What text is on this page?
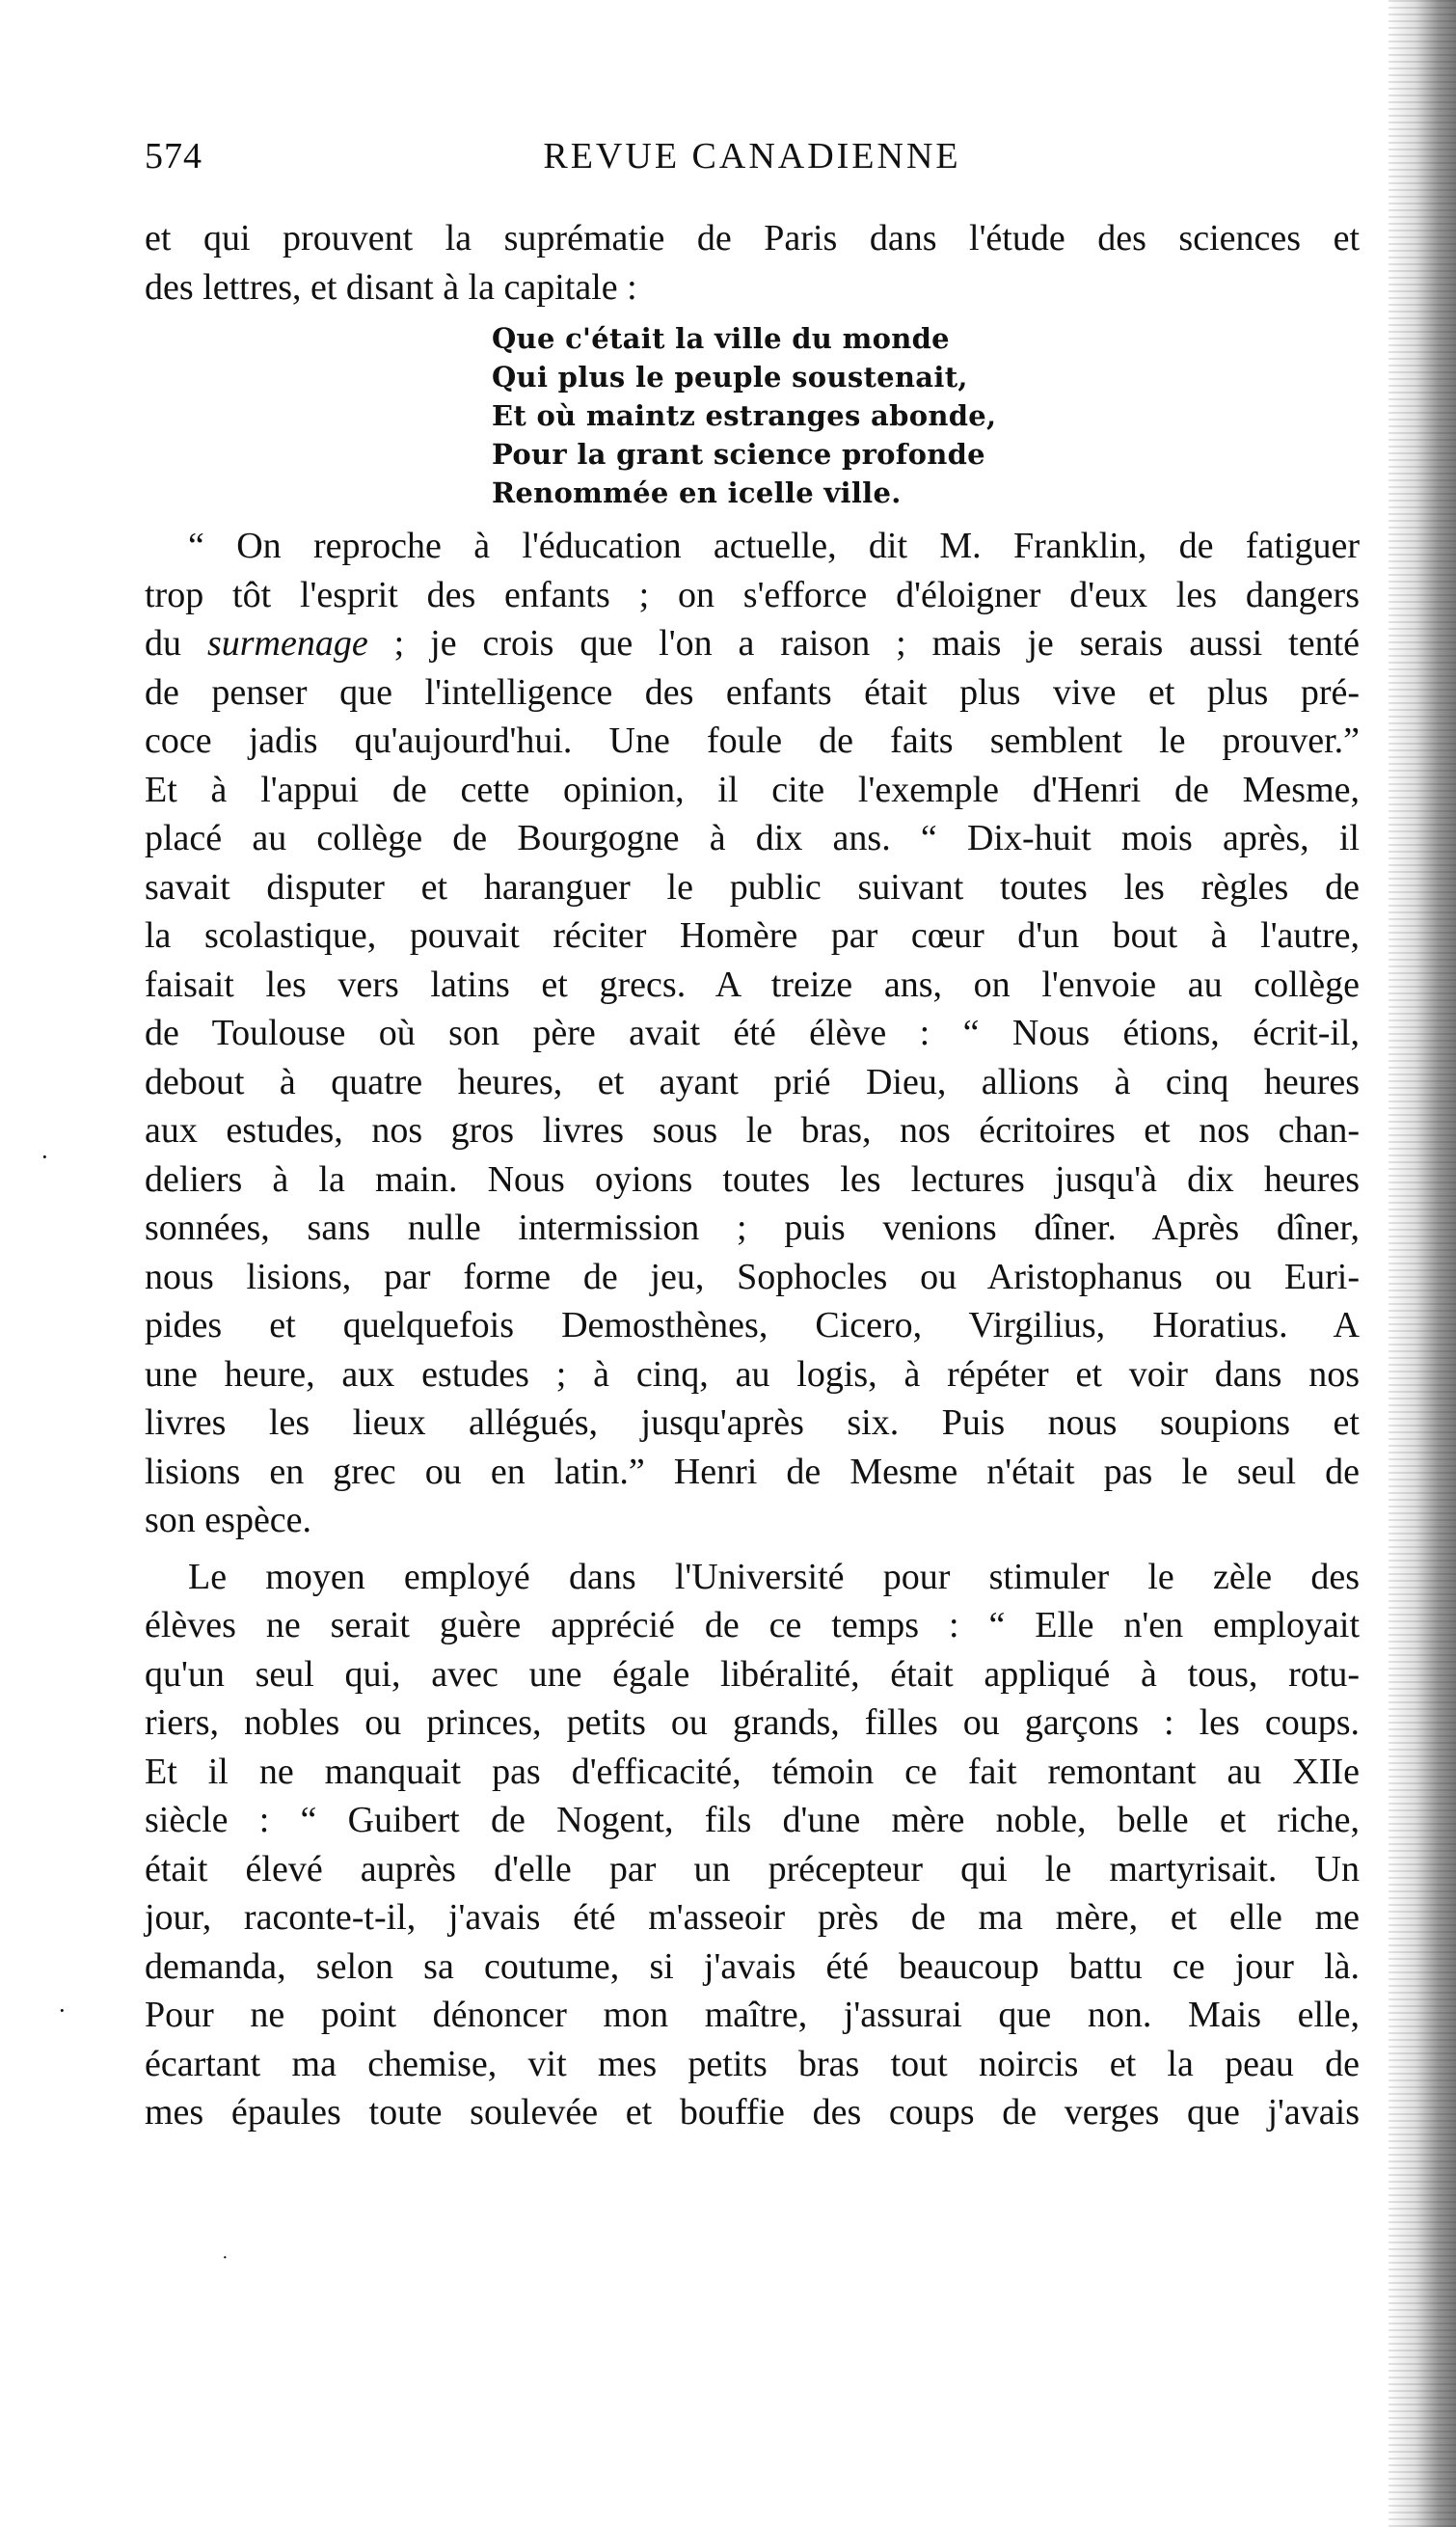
574	REVUE CANADIENNE
et qui prouvent la suprématie de Paris dans l'étude des sciences et
des lettres, et disant à la capitale :
Que c'était la ville du monde
Qui plus le peuple soustenait,
Et où maintz estranges abonde,
Pour la grant science profonde
Renommée en icelle ville.
“ On reproche à l'éducation actuelle, dit M. Franklin, de fatiguer
trop tôt l'esprit des enfants ; on s'efforce d'éloigner d'eux les dangers
du surmenage ; je crois que l'on a raison ; mais je serais aussi tenté
de penser que l'intelligence des enfants était plus vive et plus pré-
coce jadis qu'aujourd'hui. Une foule de faits semblent le prouver.”
Et à l'appui de cette opinion, il cite l'exemple d'Henri de Mesme,
placé au collège de Bourgogne à dix ans. “ Dix-huit mois après, il
savait disputer et haranguer le public suivant toutes les règles de
la scolastique, pouvait réciter Homère par cœur d'un bout à l'autre,
faisait les vers latins et grecs. A treize ans, on l'envoie au collège
de Toulouse où son père avait été élève : “ Nous étions, écrit-il,
debout à quatre heures, et ayant prié Dieu, allions à cinq heures
aux estudes, nos gros livres sous le bras, nos écritoires et nos chan-
deliers à la main. Nous oyions toutes les lectures jusqu'à dix heures
sonnées, sans nulle intermission ; puis venions dîner. Après dîner,
nous lisions, par forme de jeu, Sophocles ou Aristophanus ou Euri-
pides et quelquefois Demosthènes, Cicero, Virgilius, Horatius. A
une heure, aux estudes ; à cinq, au logis, à répéter et voir dans nos
livres les lieux allégués, jusqu'après six. Puis nous soupions et
lisions en grec ou en latin.” Henri de Mesme n'était pas le seul de
son espèce.
Le moyen employé dans l'Université pour stimuler le zèle des
élèves ne serait guère apprécié de ce temps : “ Elle n'en employait
qu'un seul qui, avec une égale libéralité, était appliqué à tous, rotu-
riers, nobles ou princes, petits ou grands, filles ou garçons : les coups.
Et il ne manquait pas d'efficacité, témoin ce fait remontant au XIIe
siècle : “ Guibert de Nogent, fils d'une mère noble, belle et riche,
était élevé auprès d'elle par un précepteur qui le martyrisait. Un
jour, raconte-t-il, j'avais été m'asseoir près de ma mère, et elle me
demanda, selon sa coutume, si j'avais été beaucoup battu ce jour là.
Pour ne point dénoncer mon maître, j'assurai que non. Mais elle,
écartant ma chemise, vit mes petits bras tout noircis et la peau de
mes épaules toute soulevée et bouffie des coups de verges que j'avais
·
·
·
